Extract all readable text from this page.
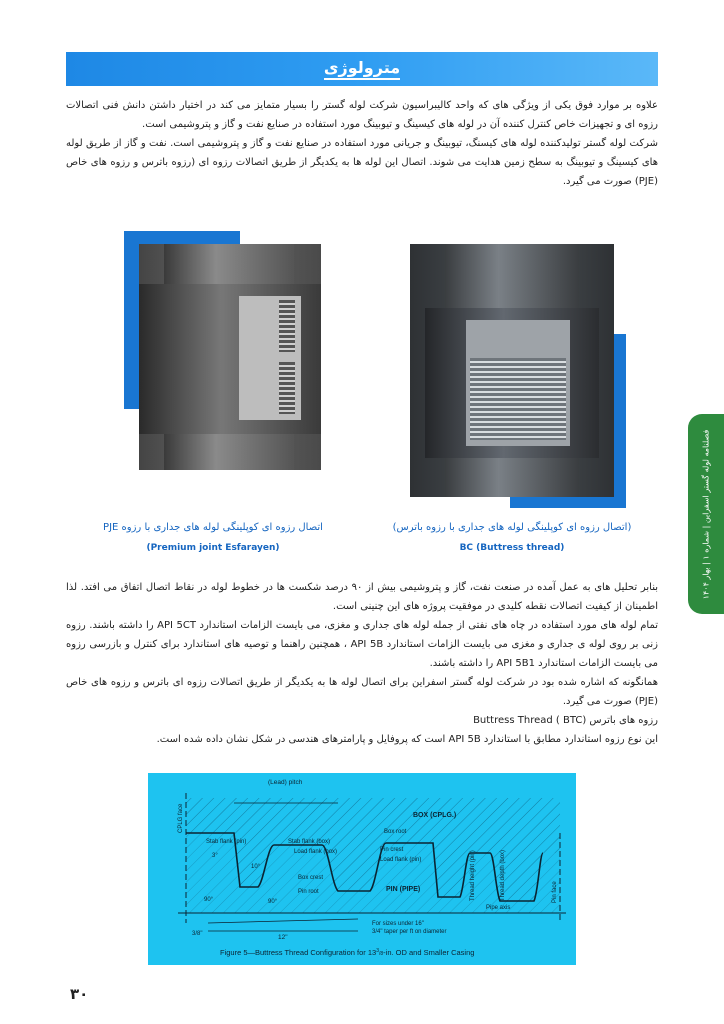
مترولوژی

علاوه بر موارد فوق یکی از ویژگی های که واحد کالیبراسیون شرکت لوله گستر را بسیار متمایز می کند در اختیار داشتن دانش فنی اتصالات رزوه ای و تجهیزات خاص کنترل کننده آن در لوله های کیسینگ و تیوبینگ مورد استفاده در صنایع نفت و گاز و پتروشیمی است.

شرکت لوله گستر تولیدکننده لوله های کیسنگ، تیوبینگ و جریانی مورد استفاده در صنایع نفت و گاز و پتروشیمی است. نفت و گاز از طریق لوله های کیسینگ و تیوبینگ به سطح زمین هدایت می شوند. اتصال این لوله ها به یکدیگر از طریق اتصالات رزوه ای (رزوه باترس و رزوه های خاص (PJE) صورت می گیرد.

(اتصال رزوه ای کوپلینگی لوله های جداری با رزوه باترس)
BC (Buttress thread)
اتصال رزوه ای کوپلینگی لوله های جداری با رزوه PJE
(Premium joint Esfarayen)
فصلنامه لوله گستر اسفراین | شماره ۱ | بهار ۱۴۰۴

بنابر تحلیل های به عمل آمده در صنعت نفت، گاز و پتروشیمی بیش از ۹۰ درصد شکست ها در خطوط لوله در نقاط اتصال اتفاق می افتد. لذا اطمینان از کیفیت اتصالات نقطه کلیدی در موفقیت پروژه های این چنینی است.

تمام لوله های مورد استفاده در چاه های نفتی از جمله لوله های جداری و مغزی، می بایست الزامات استاندارد API 5CT را داشته باشند. رزوه زنی بر روی لوله ی جداری و مغزی می بایست الزامات استاندارد API 5B ، همچنین راهنما و توصیه های استاندارد برای کنترل و بازرسی رزوه می بایست الزامات استاندارد API 5B1 را داشته باشند.

همانگونه که اشاره شده بود در شرکت لوله گستر اسفراین برای اتصال لوله ها به یکدیگر از طریق اتصالات رزوه ای باترس و رزوه های خاص (PJE) صورت می گیرد.

رزوه های باترس (Buttress Thread ( BTC

این نوع رزوه استاندارد مطابق با استاندارد API 5B است که پروفایل و پارامترهای هندسی در شکل نشان داده شده است.

(Lead) pitch
BOX (CPLG.)
Box root
Pin crest
Load flank (pin)
Stab flank (pin)	Stab flank (box)
Load flank (box)
Box crest
Pin root	PIN (PIPE)	Thread height (pin)	Thread depth (box)
CPLG face
Pin face
Pipe axis
3°
10°
90°	90°
12"
3/8"
For sizes under 16"
3/4" taper per ft on diameter
Figure 5—Buttress Thread Configuration for $13^3_/8-in$. OD and Smaller Casing
۳۰
